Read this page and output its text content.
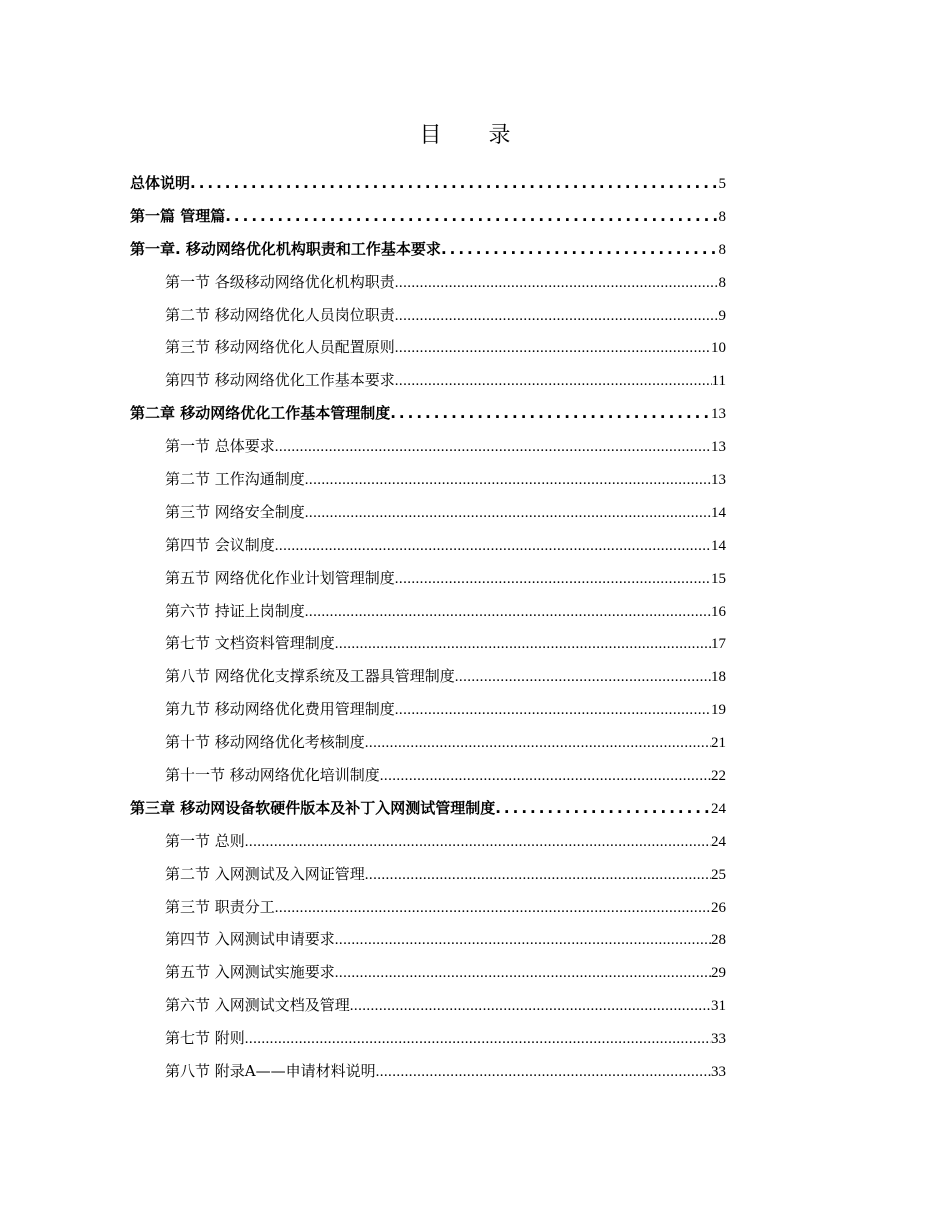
目 录
总体说明 .....	5
第一篇 管理篇 .....	8
第一章. 移动网络优化机构职责和工作基本要求 .....	8
第一节 各级移动网络优化机构职责 .....	8
第二节 移动网络优化人员岗位职责 .....	9
第三节 移动网络优化人员配置原则 .....	10
第四节 移动网络优化工作基本要求 .....	11
第二章 移动网络优化工作基本管理制度 .....	13
第一节 总体要求 .....	13
第二节 工作沟通制度 .....	13
第三节 网络安全制度 .....	14
第四节 会议制度 .....	14
第五节 网络优化作业计划管理制度 .....	15
第六节 持证上岗制度 .....	16
第七节 文档资料管理制度 .....	17
第八节 网络优化支撑系统及工器具管理制度 .....	18
第九节 移动网络优化费用管理制度 .....	19
第十节 移动网络优化考核制度 .....	21
第十一节 移动网络优化培训制度 .....	22
第三章 移动网设备软硬件版本及补丁入网测试管理制度 .....	24
第一节 总则 .....	24
第二节 入网测试及入网证管理 .....	25
第三节 职责分工 .....	26
第四节 入网测试申请要求 .....	28
第五节 入网测试实施要求 .....	29
第六节 入网测试文档及管理 .....	31
第七节 附则 .....	33
第八节 附录A——申请材料说明 .....	33
